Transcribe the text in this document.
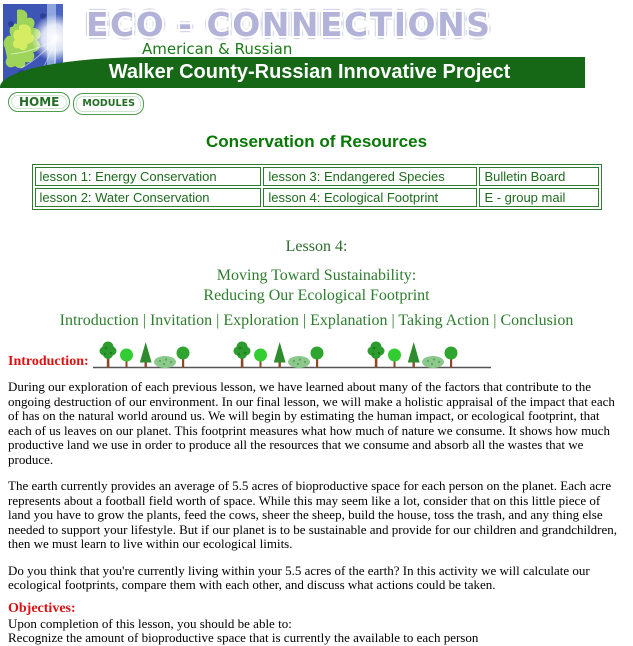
ECO - CONNECTIONS
American & Russian
Walker County-Russian Innovative Project
HOME MODULES
Conservation of Resources
lesson 1: Energy Conservation	lesson 3: Endangered Species	Bulletin Board
lesson 2: Water Conservation	lesson 4: Ecological Footprint	E - group mail
Lesson 4:
Moving Toward Sustainability:
Reducing Our Ecological Footprint
Introduction | Invitation | Exploration | Explanation | Taking Action | Conclusion
Introduction:

During our exploration of each previous lesson, we have learned about many of the factors that contribute to the ongoing destruction of our environment. In our final lesson, we will make a holistic appraisal of the impact that each of has on the natural world around us. We will begin by estimating the human impact, or ecological footprint, that each of us leaves on our planet. This footprint measures what how much of nature we consume. It shows how much productive land we use in order to produce all the resources that we consume and absorb all the wastes that we produce.

The earth currently provides an average of 5.5 acres of bioproductive space for each person on the planet. Each acre represents about a football field worth of space. While this may seem like a lot, consider that on this little piece of land you have to grow the plants, feed the cows, sheer the sheep, build the house, toss the trash, and any thing else needed to support your lifestyle. But if our planet is to be sustainable and provide for our children and grandchildren, then we must learn to live within our ecological limits.

Do you think that you're currently living within your 5.5 acres of the earth? In this activity we will calculate our ecological footprints, compare them with each other, and discuss what actions could be taken.

Objectives:
Upon completion of this lesson, you should be able to:
Recognize the amount of bioproductive space that is currently the available to each person
